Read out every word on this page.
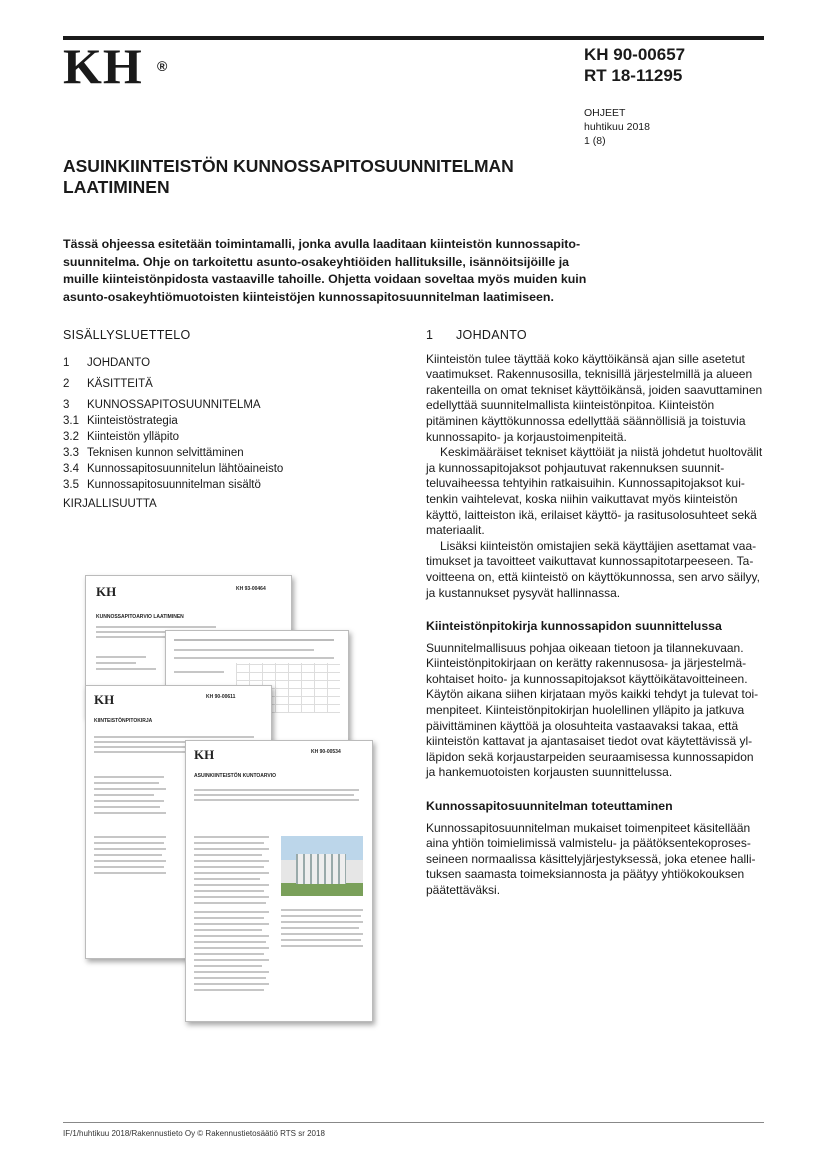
KH ®
KH 90-00657
RT 18-11295
OHJEET
huhtikuu 2018
1 (8)
ASUINKIINTEISTÖN KUNNOSSAPITOSUUNNITELMAN LAATIMINEN
Tässä ohjeessa esitetään toimintamalli, jonka avulla laaditaan kiinteistön kunnossapitosuunnitelma. Ohje on tarkoitettu asunto-osakeyhtiöiden hallituksille, isännöitsijöille ja muille kiinteistönpidosta vastaaville tahoille. Ohjetta voidaan soveltaa myös muiden kuin asunto-osakeyhtiömuotoisten kiinteistöjen kunnossapitosuunnitelman laatimiseen.
SISÄLLYSLUETTELO
1	JOHDANTO
2	KÄSITTEITÄ
3	KUNNOSSAPITOSUUNNITELMA
3.1 Kiinteistöstrategia
3.2 Kiinteistön ylläpito
3.3 Teknisen kunnon selvittäminen
3.4 Kunnossapitosuunnitelun lähtöaineisto
3.5 Kunnossapitosuunnitelman sisältö
KIRJALLISUUTTA
KH	KH 93-00464
KUNNOSSAPITOARVIO LAATIMINEN
KH	KH 90-00611
KIINTEISTÖNPITOKIRJA
KH	KH 90-00534
ASUINKIINTEISTÖN KUNTOARVIO
1	JOHDANTO

Kiinteistön tulee täyttää koko käyttöikänsä ajan sille asetetut vaatimukset. Rakennusosilla, teknisillä järjestelmillä ja alueen rakenteilla on omat tekniset käyttöikänsä, joiden saavuttaminen edellyttää suunnitelmallista kiinteistönpitoa. Kiinteistön pitäminen käyttökunnossa edellyttää säännöllisiä ja toistuvia kunnossapito- ja korjaustoimenpiteitä.

Keskimääräiset tekniset käyttöiät ja niistä johdetut huoltovälit ja kunnossapitojaksot pohjautuvat rakennuksen suunnitteluvaiheessa tehtyihin ratkaisuihin. Kunnossapitojaksot kuitenkin vaihtelevat, koska niihin vaikuttavat myös kiinteistön käyttö, laitteiston ikä, erilaiset käyttö- ja rasitusolosuhteet sekä materiaalit.

Lisäksi kiinteistön omistajien sekä käyttäjien asettamat vaatimukset ja tavoitteet vaikuttavat kunnossapitotarpeeseen. Tavoitteena on, että kiinteistö on käyttökunnossa, sen arvo säilyy, ja kustannukset pysyvät hallinnassa.

Kiinteistönpitokirja kunnossapidon suunnittelussa

Suunnitelmallisuus pohjaa oikeaan tietoon ja tilannekuvaan. Kiinteistönpitokirjaan on kerätty rakennusosa- ja järjestelmäkohtaiset hoito- ja kunnossapitojaksot käyttöikätavoitteineen. Käytön aikana siihen kirjataan myös kaikki tehdyt ja tulevat toimenpiteet. Kiinteistönpitokirjan huolellinen ylläpito ja jatkuva päivittäminen käyttöä ja olosuhteita vastaavaksi takaa, että kiinteistön kattavat ja ajantasaiset tiedot ovat käytettävissä ylläpidon sekä korjaustarpeiden seuraamisessa kunnossapidon ja hankemuotoisten korjausten suunnittelussa.

Kunnossapitosuunnitelman toteuttaminen

Kunnossapitosuunnitelman mukaiset toimenpiteet käsitellään aina yhtiön toimielimissä valmistelu- ja päätöksentekoprosesseineen normaalissa käsittelyjärjestyksessä, joka etenee hallituksen saamasta toimeksiannosta ja päätyy yhtiökokouksen päätettäväksi.

IF/1/huhtikuu 2018/Rakennustieto Oy © Rakennustietosäätiö RTS sr 2018
